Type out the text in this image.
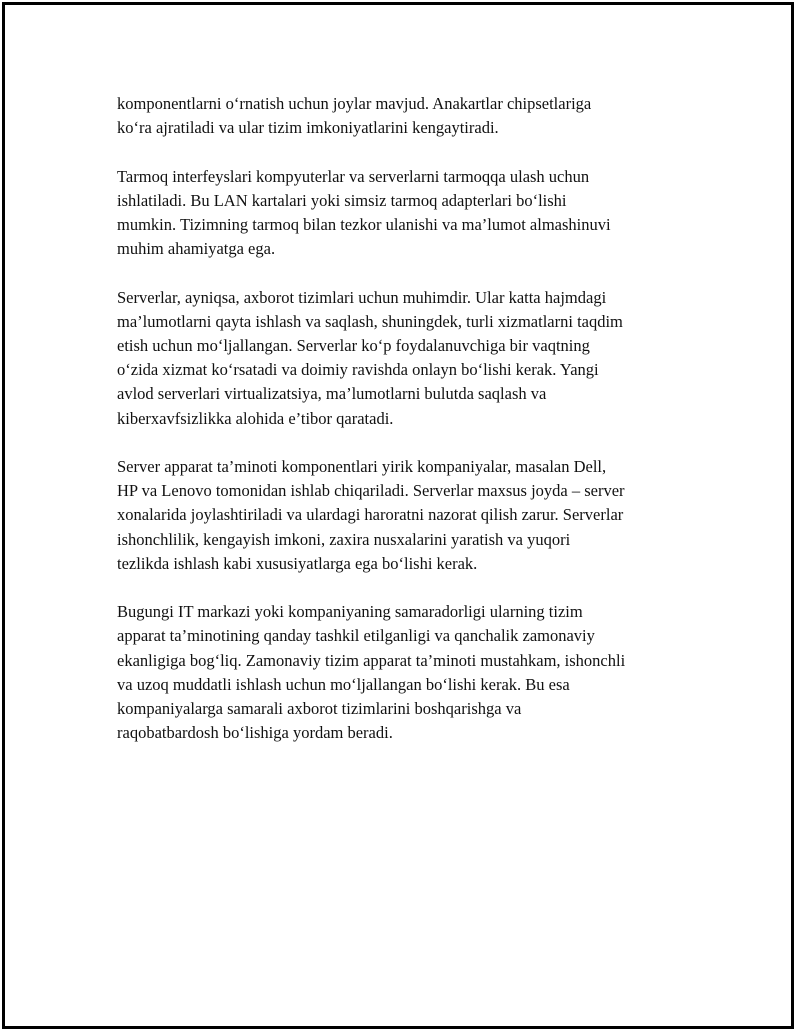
komponentlarni o‘rnatish uchun joylar mavjud. Anakartlar chipsetlariga
ko‘ra ajratiladi va ular tizim imkoniyatlarini kengaytiradi.

Tarmoq interfeyslari kompyuterlar va serverlarni tarmoqqa ulash uchun
ishlatiladi. Bu LAN kartalari yoki simsiz tarmoq adapterlari bo‘lishi
mumkin. Tizimning tarmoq bilan tezkor ulanishi va ma’lumot almashinuvi
muhim ahamiyatga ega.

Serverlar, ayniqsa, axborot tizimlari uchun muhimdir. Ular katta hajmdagi
ma’lumotlarni qayta ishlash va saqlash, shuningdek, turli xizmatlarni taqdim
etish uchun mo‘ljallangan. Serverlar ko‘p foydalanuvchiga bir vaqtning
o‘zida xizmat ko‘rsatadi va doimiy ravishda onlayn bo‘lishi kerak. Yangi
avlod serverlari virtualizatsiya, ma’lumotlarni bulutda saqlash va
kiberxavfsizlikka alohida e’tibor qaratadi.

Server apparat ta’minoti komponentlari yirik kompaniyalar, masalan Dell,
HP va Lenovo tomonidan ishlab chiqariladi. Serverlar maxsus joyda – server
xonalarida joylashtiriladi va ulardagi haroratni nazorat qilish zarur. Serverlar
ishonchlilik, kengayish imkoni, zaxira nusxalarini yaratish va yuqori
tezlikda ishlash kabi xususiyatlarga ega bo‘lishi kerak.

Bugungi IT markazi yoki kompaniyaning samaradorligi ularning tizim
apparat ta’minotining qanday tashkil etilganligi va qanchalik zamonaviy
ekanligiga bog‘liq. Zamonaviy tizim apparat ta’minoti mustahkam, ishonchli
va uzoq muddatli ishlash uchun mo‘ljallangan bo‘lishi kerak. Bu esa
kompaniyalarga samarali axborot tizimlarini boshqarishga va
raqobatbardosh bo‘lishiga yordam beradi.
